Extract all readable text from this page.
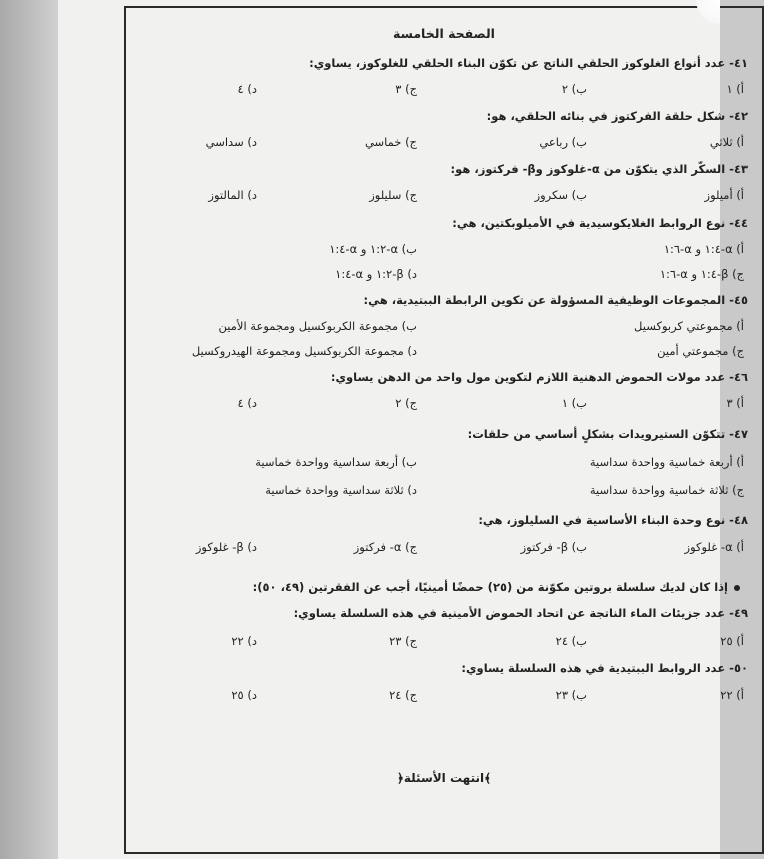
الصفحة الخامسة
٤١- عدد أنواع الغلوكوز الحلقي الناتج عن تكوّن البناء الحلقي للغلوكوز، يساوي:
أ) ١
ب) ٢
ج) ٣
د) ٤
٤٢- شكل حلقة الفركتوز في بنائه الحلقي، هو:
أ) ثلاثي
ب) رباعي
ج) خماسي
د) سداسي
٤٣- السكّر الذي يتكوّن من α-غلوكوز وβ- فركتوز، هو:
أ) أميلوز
ب) سكروز
ج) سليلوز
د) المالتوز
٤٤- نوع الروابط الغلايكوسيدية في الأميلوبكتين، هي:
أ) α-١:٤ و α-١:٦
ب) α-١:٢ و α-١:٤
ج) β-١:٤ و α-١:٦
د) β-١:٢ و α-١:٤
٤٥- المجموعات الوظيفية المسؤولة عن تكوين الرابطة الببتيدية، هي:
أ) مجموعتي كربوكسيل
ب) مجموعة الكربوكسيل ومجموعة الأمين
ج) مجموعتي أمين
د) مجموعة الكربوكسيل ومجموعة الهيدروكسيل
٤٦- عدد مولات الحموض الدهنية اللازم لتكوين مول واحد من الدهن يساوي:
أ) ٣
ب) ١
ج) ٢
د) ٤
٤٧- تتكوّن الستيرويدات بشكلٍ أساسي من حلقات:
أ) أربعة خماسية وواحدة سداسية
ب) أربعة سداسية وواحدة خماسية
ج) ثلاثة خماسية وواحدة سداسية
د) ثلاثة سداسية وواحدة خماسية
٤٨- نوع وحدة البناء الأساسية في السليلوز، هي:
أ) α- غلوكوز
ب) β- فركتوز
ج) α- فركتوز
د) β- غلوكوز
إذا كان لديك سلسلة بروتين مكوّنة من (٢٥) حمضًا أمينيًا، أجب عن الفقرتين (٤٩، ٥٠):
٤٩- عدد جزيئات الماء الناتجة عن اتحاد الحموض الأمينية في هذه السلسلة يساوي:
أ) ٢٥
ب) ٢٤
ج) ٢٣
د) ٢٢
٥٠- عدد الروابط الببتيدية في هذه السلسلة يساوي:
أ) ٢٢
ب) ٢٣
ج) ٢٤
د) ٢٥
﴿انتهت الأسئلة﴾
